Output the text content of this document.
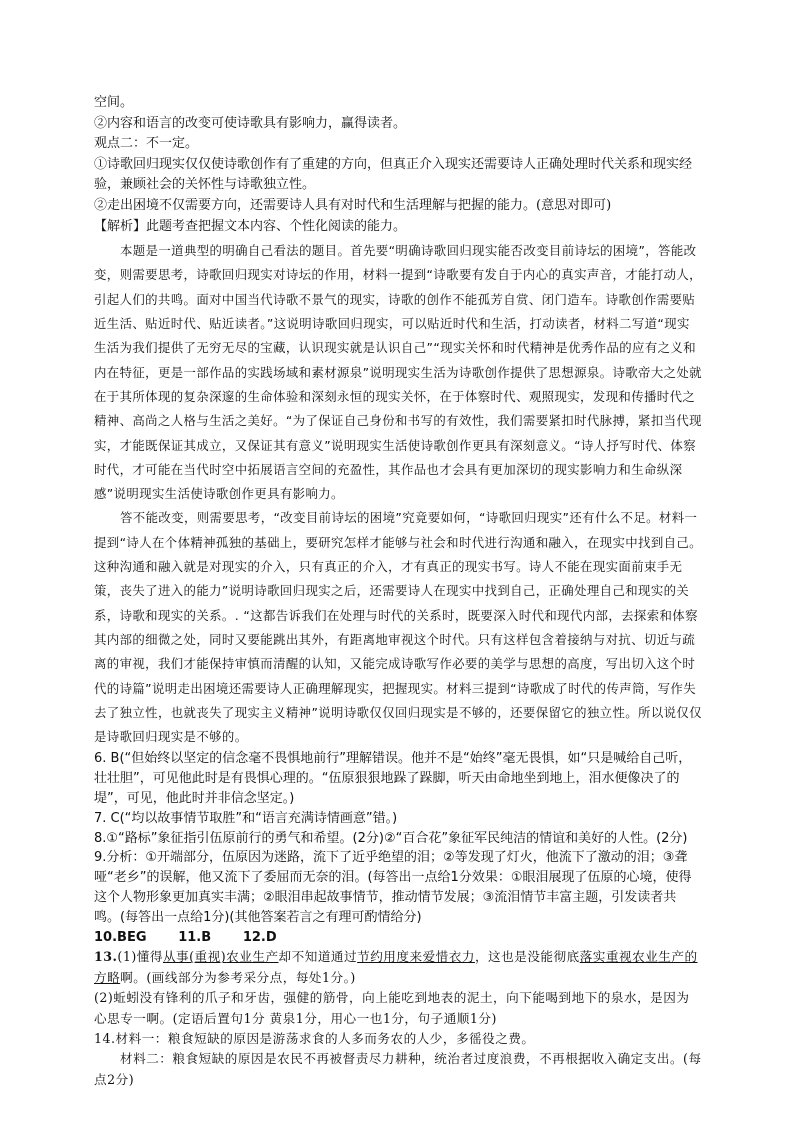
空间。

②内容和语言的改变可使诗歌具有影响力，赢得读者。

观点二：不一定。

①诗歌回归现实仅仅使诗歌创作有了重建的方向，但真正介入现实还需要诗人正确处理时代关系和现实经验，兼顾社会的关怀性与诗歌独立性。

②走出困境不仅需要方向，还需要诗人具有对时代和生活理解与把握的能力。(意思对即可)

【解析】此题考查把握文本内容、个性化阅读的能力。

本题是一道典型的明确自己看法的题目。首先要“明确诗歌回归现实能否改变目前诗坛的困境”，答能改变，则需要思考，诗歌回归现实对诗坛的作用，材料一提到“诗歌要有发自于内心的真实声音，才能打动人，引起人们的共鸣。面对中国当代诗歌不景气的现实，诗歌的创作不能孤芳自赏、闭门造车。诗歌创作需要贴近生活、贴近时代、贴近读者。”这说明诗歌回归现实，可以贴近时代和生活，打动读者，材料二写道“现实生活为我们提供了无穷无尽的宝藏，认识现实就是认识自己”“现实关怀和时代精神是优秀作品的应有之义和内在特征，更是一部作品的实践场域和素材源泉”说明现实生活为诗歌创作提供了思想源泉。诗歌帝大之处就在于其所体现的复杂深邃的生命体验和深刻永恒的现实关怀，在于体察时代、观照现实，发现和传播时代之精神、高尚之人格与生活之美好。“为了保证自己身份和书写的有效性，我们需要紧扣时代脉搏，紧扣当代现实，才能既保证其成立，又保证其有意义”说明现实生活使诗歌创作更具有深刻意义。“诗人抒写时代、体察时代，才可能在当代时空中拓展语言空间的充盈性，其作品也才会具有更加深切的现实影响力和生命纵深感”说明现实生活使诗歌创作更具有影响力。

答不能改变，则需要思考，“改变目前诗坛的困境”究竟要如何，“诗歌回归现实”还有什么不足。材料一提到“诗人在个体精神孤独的基础上，要研究怎样才能够与社会和时代进行沟通和融入，在现实中找到自己。这种沟通和融入就是对现实的介入，只有真正的介入，才有真正的现实书写。诗人不能在现实面前束手无策，丧失了进入的能力”说明诗歌回归现实之后，还需要诗人在现实中找到自己，正确处理自己和现实的关系，诗歌和现实的关系。. “这都告诉我们在处理与时代的关系时，既要深入时代和现代内部，去探索和体察其内部的细微之处，同时又要能跳出其外，有距离地审视这个时代。只有这样包含着接纳与对抗、切近与疏离的审视，我们才能保持审慎而清醒的认知，又能完成诗歌写作必要的美学与思想的高度，写出切入这个时代的诗篇”说明走出困境还需要诗人正确理解现实，把握现实。材料三提到“诗歌成了时代的传声筒，写作失去了独立性，也就丧失了现实主义精神”说明诗歌仅仅回归现实是不够的，还要保留它的独立性。所以说仅仅是诗歌回归现实是不够的。

6. B(“但始终以坚定的信念毫不畏惧地前行”理解错误。他并不是“始终”毫无畏惧，如“只是喊给自己听，壮壮胆”，可见他此时是有畏惧心理的。“伍原狠狠地跺了跺脚，听天由命地坐到地上，泪水便像决了的堤”，可见，他此时并非信念坚定。)

7. C(“均以故事情节取胜”和“语言充满诗情画意”错。)

8.①“路标”象征指引伍原前行的勇气和希望。(2分)②“百合花”象征军民纯洁的情谊和美好的人性。(2分)

9.分析：①开端部分，伍原因为迷路，流下了近乎绝望的泪；②等发现了灯火，他流下了激动的泪；③聋哑“老乡”的误解，他又流下了委屈而无奈的泪。(每答出一点给1分效果：①眼泪展现了伍原的心境，使得这个人物形象更加真实丰满；②眼泪串起故事情节，推动情节发展；③流泪情节丰富主题，引发读者共鸣。(每答出一点给1分)(其他答案若言之有理可酌情给分)

10.BEG 11.B 12.D

13.(1)懂得从事(重视)农业生产却不知道通过节约用度来爱惜衣力，这也是没能彻底落实重视农业生产的方略啊。(画线部分为参考采分点，每处1分。)

(2)蚯蚓没有锋利的爪子和牙齿，强健的筋骨，向上能吃到地表的泥土，向下能喝到地下的泉水，是因为心思专一啊。(定语后置句1分 黄泉1分，用心一也1分，句子通顺1分)

14.材料一：粮食短缺的原因是游荡求食的人多而务农的人少，多徭役之费。

材料二：粮食短缺的原因是农民不再被督责尽力耕种，统治者过度浪费，不再根据收入确定支出。(每点2分)
